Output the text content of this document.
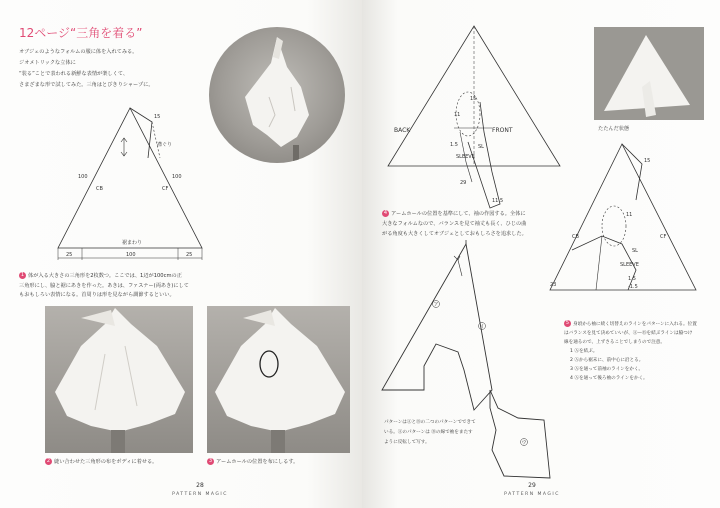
12ページ“三角を着る”
オブジェのようなフォルムの服に体を入れてみる。
ジオメトリックな立体に
“装る”ことで表われる新鮮な表情が楽しくて、
さまざまな形で試してみた。三角はとびきりシャープに。
15
100	100
100
25	25
CB	CF
襟ぐり
裾まわり
1 体が入る大きさの三角形を2枚数つ。ここでは、1辺が100cmの正
三角形にし、脇と裾にあきを作った。あきは、ファスナー(両あき)にして
もおもしろい表情になる。首周りは形を見ながら調節するといい。
2 縫い合わせた三角形の布をボディに着せる。	3 アームホールの位置を布にしるす。
28
PATTERN MAGIC
BACK	FRONT
SLEEVE
SL
11
15
29
11.5
1.5
たたんだ状態
4 アームホールの位置を基準にして、袖の作図する。全体に
大きなフォルムなので、バランスを見て袖丈も長く、ひじの曲
がる角度も大きくしてオブジェとしておもしろさを追求した。	CB	CF
SLEEVE
SL
15
11
23
1.5
-1.5
ア
イ
ウ
5 身頃から袖に続く切替えのラインをパターンに入れる。位置
はバランスを見て決めていいが、Ⓐ—Ⓑを結ぶラインは脇つけ
線を通るので、上ずさることでしまうので注意。
1 Ⓐを結ぶ。
2 Ⓐから裾末に、前中心に沿とる。
3 Ⓐを通って前袖のラインをかく。
4 Ⓐを通って後ろ袖のラインをかく。
パターンはⒶとⒷの二つのパターンでできて
いる。Ⓐのパターンは Ⓑの線で袖をまたす
ように反転して写す。
29
PATTERN MAGIC
